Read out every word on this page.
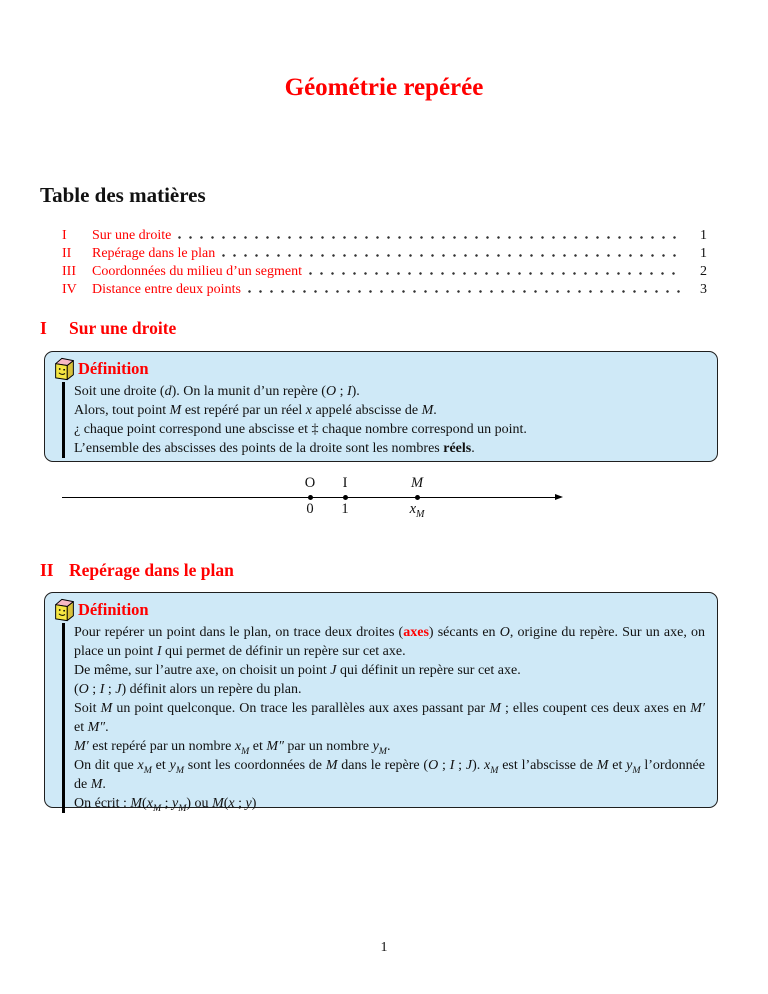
Géométrie repérée
Table des matières
I	Sur une droite	1
II	Repérage dans le plan	1
III	Coordonnées du milieu d’un segment	2
IV	Distance entre deux points	3
I Sur une droite
Définition
Soit une droite (d). On la munit d’un repère (O ; I).
Alors, tout point M est repéré par un réel x appelé abscisse de M.
¿ chaque point correspond une abscisse et ‡ chaque nombre correspond un point.
L’ensemble des abscisses des points de la droite sont les nombres réels.
O
0
I
1
M
$x_M$
II Repérage dans le plan
Définition
Pour repérer un point dans le plan, on trace deux droites (axes) sécants en O, origine du repère. Sur un axe, on place un point I qui permet de définir un repère sur cet axe.
De même, sur l’autre axe, on choisit un point J qui définit un repère sur cet axe.
(O ; I ; J) définit alors un repère du plan.
Soit M un point quelconque. On trace les parallèles aux axes passant par M ; elles coupent ces deux axes en M′ et M″.
M′ est repéré par un nombre $x_M$ et M″ par un nombre $y_M$.
On dit que $x_M$ et $y_M$ sont les coordonnées de M dans le repère (O ; I ; J). $x_M$ est l’abscisse de M et $y_M$ l’ordonnée de M.
On écrit : $M(x_M$ ; $y_M$) ou M(x ; y)
1
